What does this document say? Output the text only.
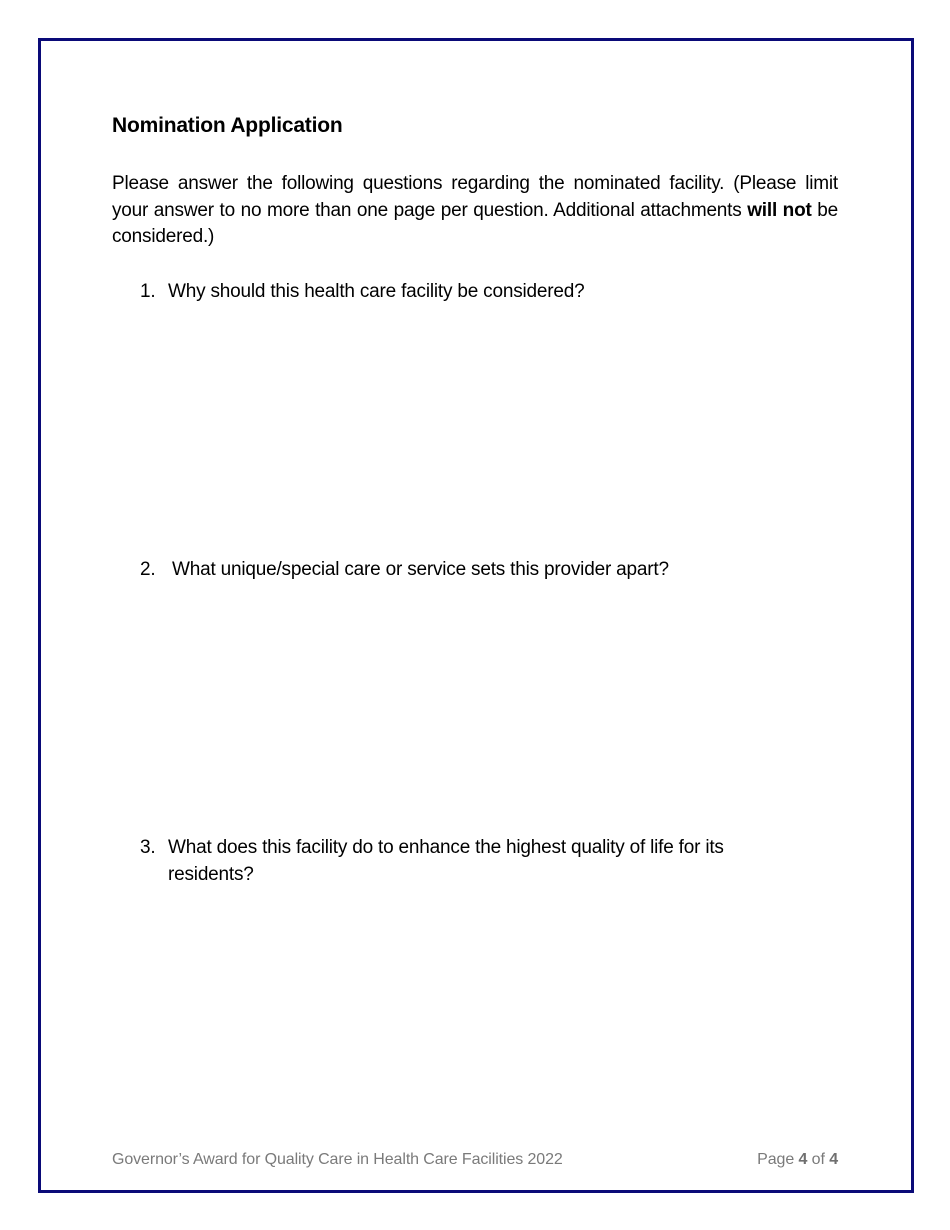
Nomination Application

Please answer the following questions regarding the nominated facility. (Please limit your answer to no more than one page per question. Additional attachments will not be considered.)

1. Why should this health care facility be considered?
2. What unique/special care or service sets this provider apart?
3. What does this facility do to enhance the highest quality of life for its residents?
Governor’s Award for Quality Care in Health Care Facilities 2022	Page 4 of 4
